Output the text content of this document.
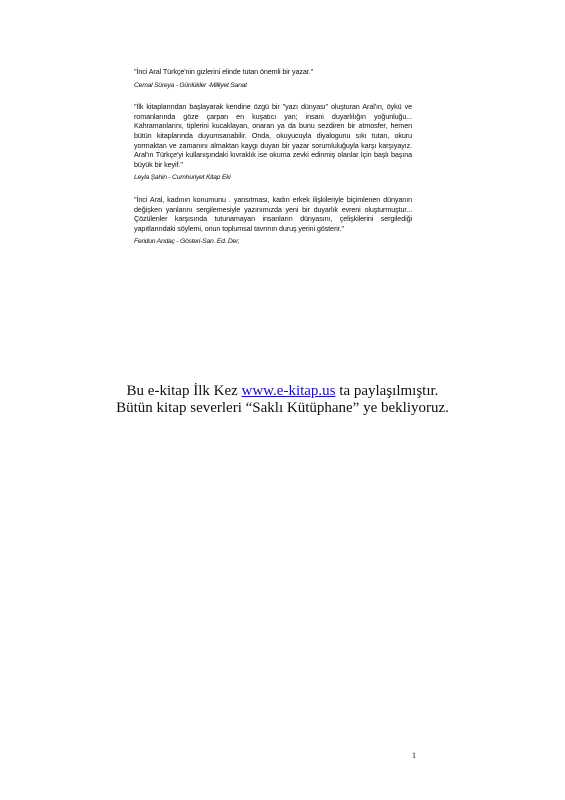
"İnci Aral Türkçe'nin gizlerini elinde tutan önemli bir yazar."

Cemal Süreya - Günlükler -Milliyet Sanat

"İlk kitaplarından başlayarak kendine özgü bir "yazı dünyası" oluşturan Aral'ın, öykü ve romanlarında göze çarpan en kuşatıcı yan; insani duyarlılığın yoğunluğu... Kahramanlarını, tiplerini kucaklayan, onaran ya da bunu sezdiren bir atmosfer, hemen bütün kitaplarında duyumsanabilir. Onda, okuyucuyla diyalogunu sıkı tutan, okuru yormaktan ve zamanını almaktan kaygı duyan bir yazar sorumluluğuyla karşı karşıyayız. Aral'ın Türkçe'yi kullanışındaki kıvraklık ise okuma zevki edinmiş olanlar İçin başlı başına büyük bir keyif."

Leyla Şahin - Cumhuriyet Kitap Eki

"İnci Aral, kadının konumunu . yansıtması, kadın erkek ilişkileriyle biçimlenen dünyanın değişken yanlarını sergilemesiyle yazınımızda yeni bir duyarlık evreni oluşturmuştur... Çözülenler karşısında tutunamayan insanların dünyasını, çelişkilerini sergilediği yapıtlarındaki söylemi, onun toplumsal tavrının duruş yerini gösterir."

Feridun Andaç - Gösteri-San. Ed. Der,

Bu e-kitap İlk Kez www.e-kitap.us ta paylaşılmıştır. Bütün kitap severleri “Saklı Kütüphane” ye bekliyoruz.

1
